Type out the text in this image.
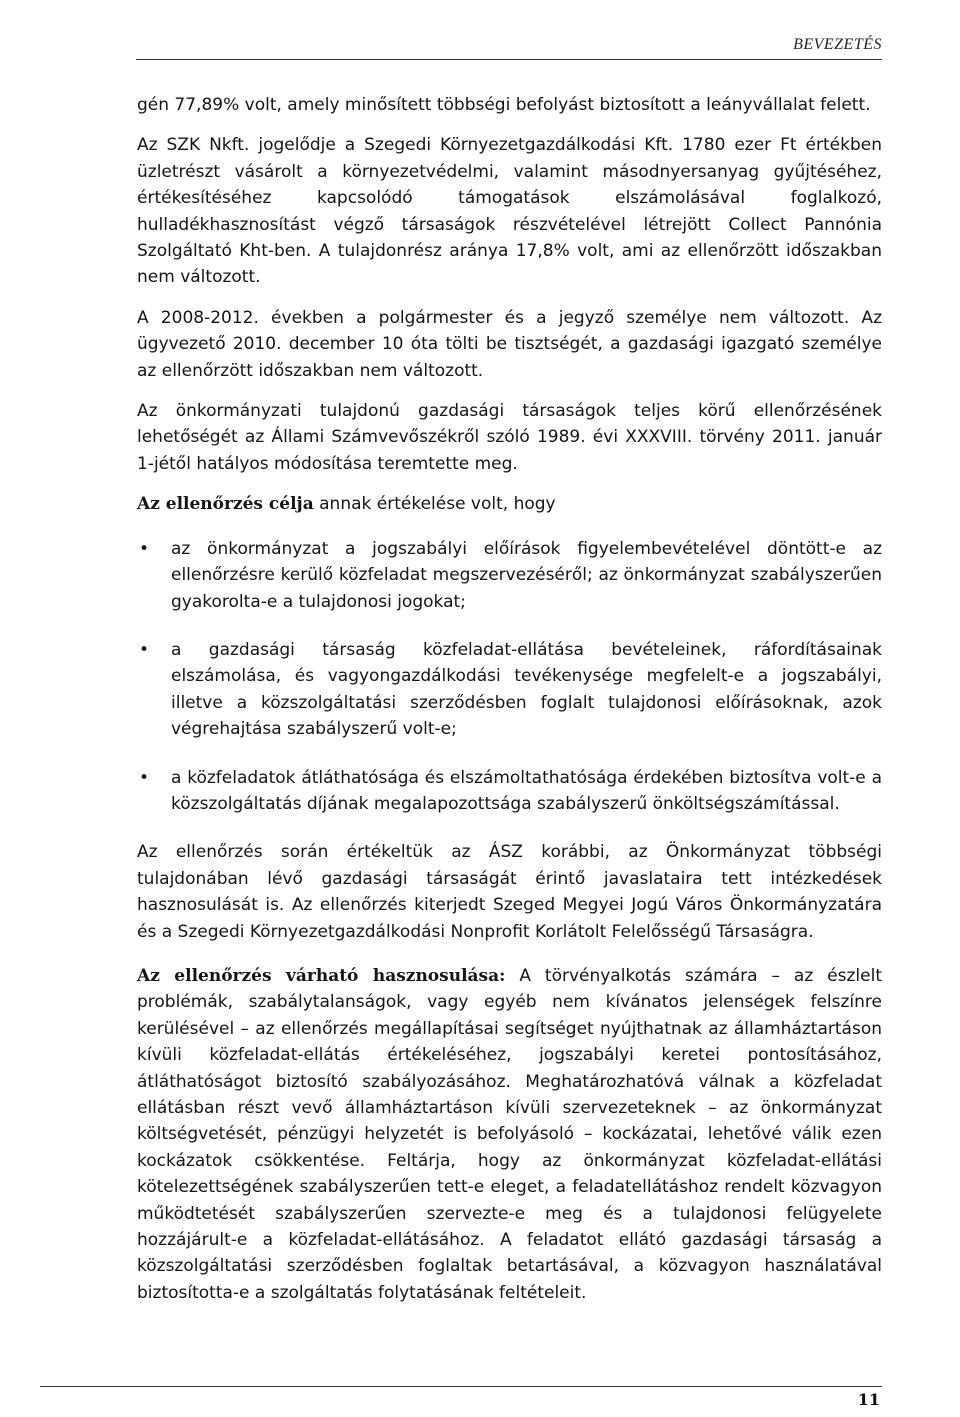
BEVEZETÉS

gén 77,89% volt, amely minősített többségi befolyást biztosított a leányvállalat felett.

Az SZK Nkft. jogelődje a Szegedi Környezetgazdálkodási Kft. 1780 ezer Ft értékben üzletrészt vásárolt a környezetvédelmi, valamint másodnyersanyag gyűjtéséhez, értékesítéséhez kapcsolódó támogatások elszámolásával foglalkozó, hulladékhasznosítást végző társaságok részvételével létrejött Collect Pannónia Szolgáltató Kht-ben. A tulajdonrész aránya 17,8% volt, ami az ellenőrzött időszakban nem változott.

A 2008-2012. években a polgármester és a jegyző személye nem változott. Az ügyvezető 2010. december 10 óta tölti be tisztségét, a gazdasági igazgató személye az ellenőrzött időszakban nem változott.

Az önkormányzati tulajdonú gazdasági társaságok teljes körű ellenőrzésének lehetőségét az Állami Számvevőszékről szóló 1989. évi XXXVIII. törvény 2011. január 1-jétől hatályos módosítása teremtette meg.

Az ellenőrzés célja annak értékelése volt, hogy

• az önkormányzat a jogszabályi előírások figyelembevételével döntött-e az ellenőrzésre kerülő közfeladat megszervezéséről; az önkormányzat szabályszerűen gyakorolta-e a tulajdonosi jogokat;
• a gazdasági társaság közfeladat-ellátása bevételeinek, ráfordításainak elszámolása, és vagyongazdálkodási tevékenysége megfelelt-e a jogszabályi, illetve a közszolgáltatási szerződésben foglalt tulajdonosi előírásoknak, azok végrehajtása szabályszerű volt-e;
• a közfeladatok átláthatósága és elszámoltathatósága érdekében biztosítva volt-e a közszolgáltatás díjának megalapozottsága szabályszerű önköltségszámítással.

Az ellenőrzés során értékeltük az ÁSZ korábbi, az Önkormányzat többségi tulajdonában lévő gazdasági társaságát érintő javaslataira tett intézkedések hasznosulását is. Az ellenőrzés kiterjedt Szeged Megyei Jogú Város Önkormányzatára és a Szegedi Környezetgazdálkodási Nonprofit Korlátolt Felelősségű Társaságra.

Az ellenőrzés várható hasznosulása: A törvényalkotás számára – az észlelt problémák, szabálytalanságok, vagy egyéb nem kívánatos jelenségek felszínre kerülésével – az ellenőrzés megállapításai segítséget nyújthatnak az államháztartáson kívüli közfeladat-ellátás értékeléséhez, jogszabályi keretei pontosításához, átláthatóságot biztosító szabályozásához. Meghatározhatóvá válnak a közfeladat ellátásban részt vevő államháztartáson kívüli szervezeteknek – az önkormányzat költségvetését, pénzügyi helyzetét is befolyásoló – kockázatai, lehetővé válik ezen kockázatok csökkentése. Feltárja, hogy az önkormányzat közfeladat-ellátási kötelezettségének szabályszerűen tett-e eleget, a feladatellátáshoz rendelt közvagyon működtetését szabályszerűen szervezte-e meg és a tulajdonosi felügyelete hozzájárult-e a közfeladat-ellátásához. A feladatot ellátó gazdasági társaság a közszolgáltatási szerződésben foglaltak betartásával, a közvagyon használatával biztosította-e a szolgáltatás folytatásának feltételeit.

11
